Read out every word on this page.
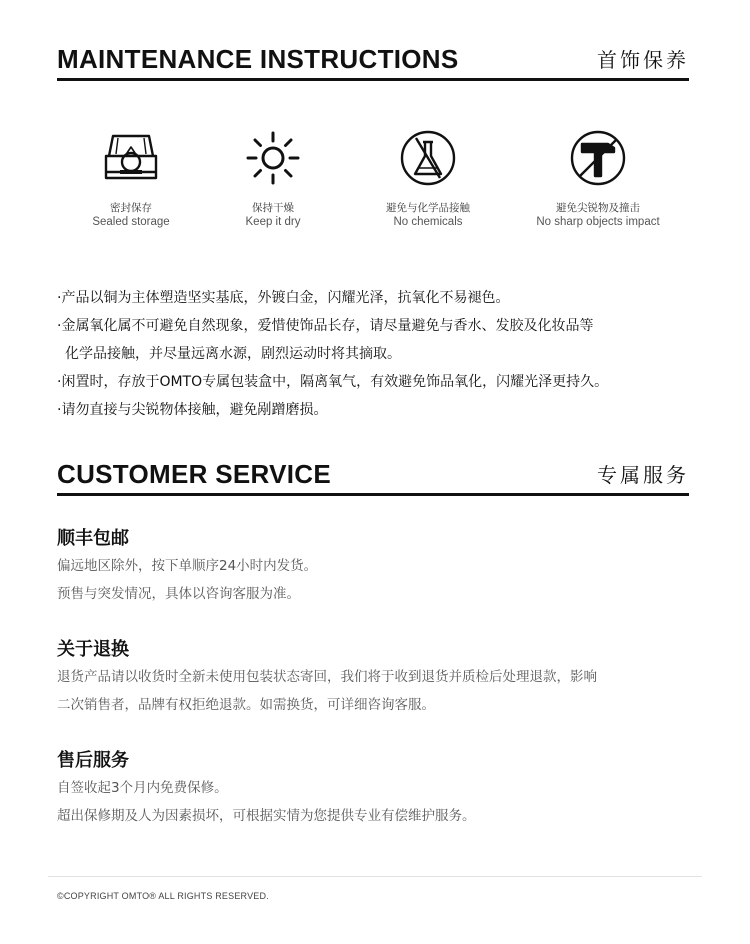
MAINTENANCE INSTRUCTIONS	首饰保养
密封保存
Sealed storage
保持干燥
Keep it dry
避免与化学品接触
No chemicals
避免尖锐物及撞击
No sharp objects impact
·产品以铜为主体塑造坚实基底，外镀白金，闪耀光泽，抗氧化不易褪色。
·金属氧化属不可避免自然现象，爱惜使饰品长存，请尽量避免与香水、发胶及化妆品等
化学品接触，并尽量远离水源，剧烈运动时将其摘取。
·闲置时，存放于OMTO专属包装盒中，隔离氧气，有效避免饰品氧化，闪耀光泽更持久。
·请勿直接与尖锐物体接触，避免剐蹭磨损。
CUSTOMER SERVICE	专属服务
顺丰包邮
偏远地区除外，按下单顺序24小时内发货。
预售与突发情况，具体以咨询客服为准。
关于退换
退货产品请以收货时全新未使用包装状态寄回，我们将于收到退货并质检后处理退款，影响
二次销售者，品牌有权拒绝退款。如需换货，可详细咨询客服。
售后服务
自签收起3个月内免费保修。
超出保修期及人为因素损坏，可根据实情为您提供专业有偿维护服务。
©COPYRIGHT OMTO® ALL RIGHTS RESERVED.
